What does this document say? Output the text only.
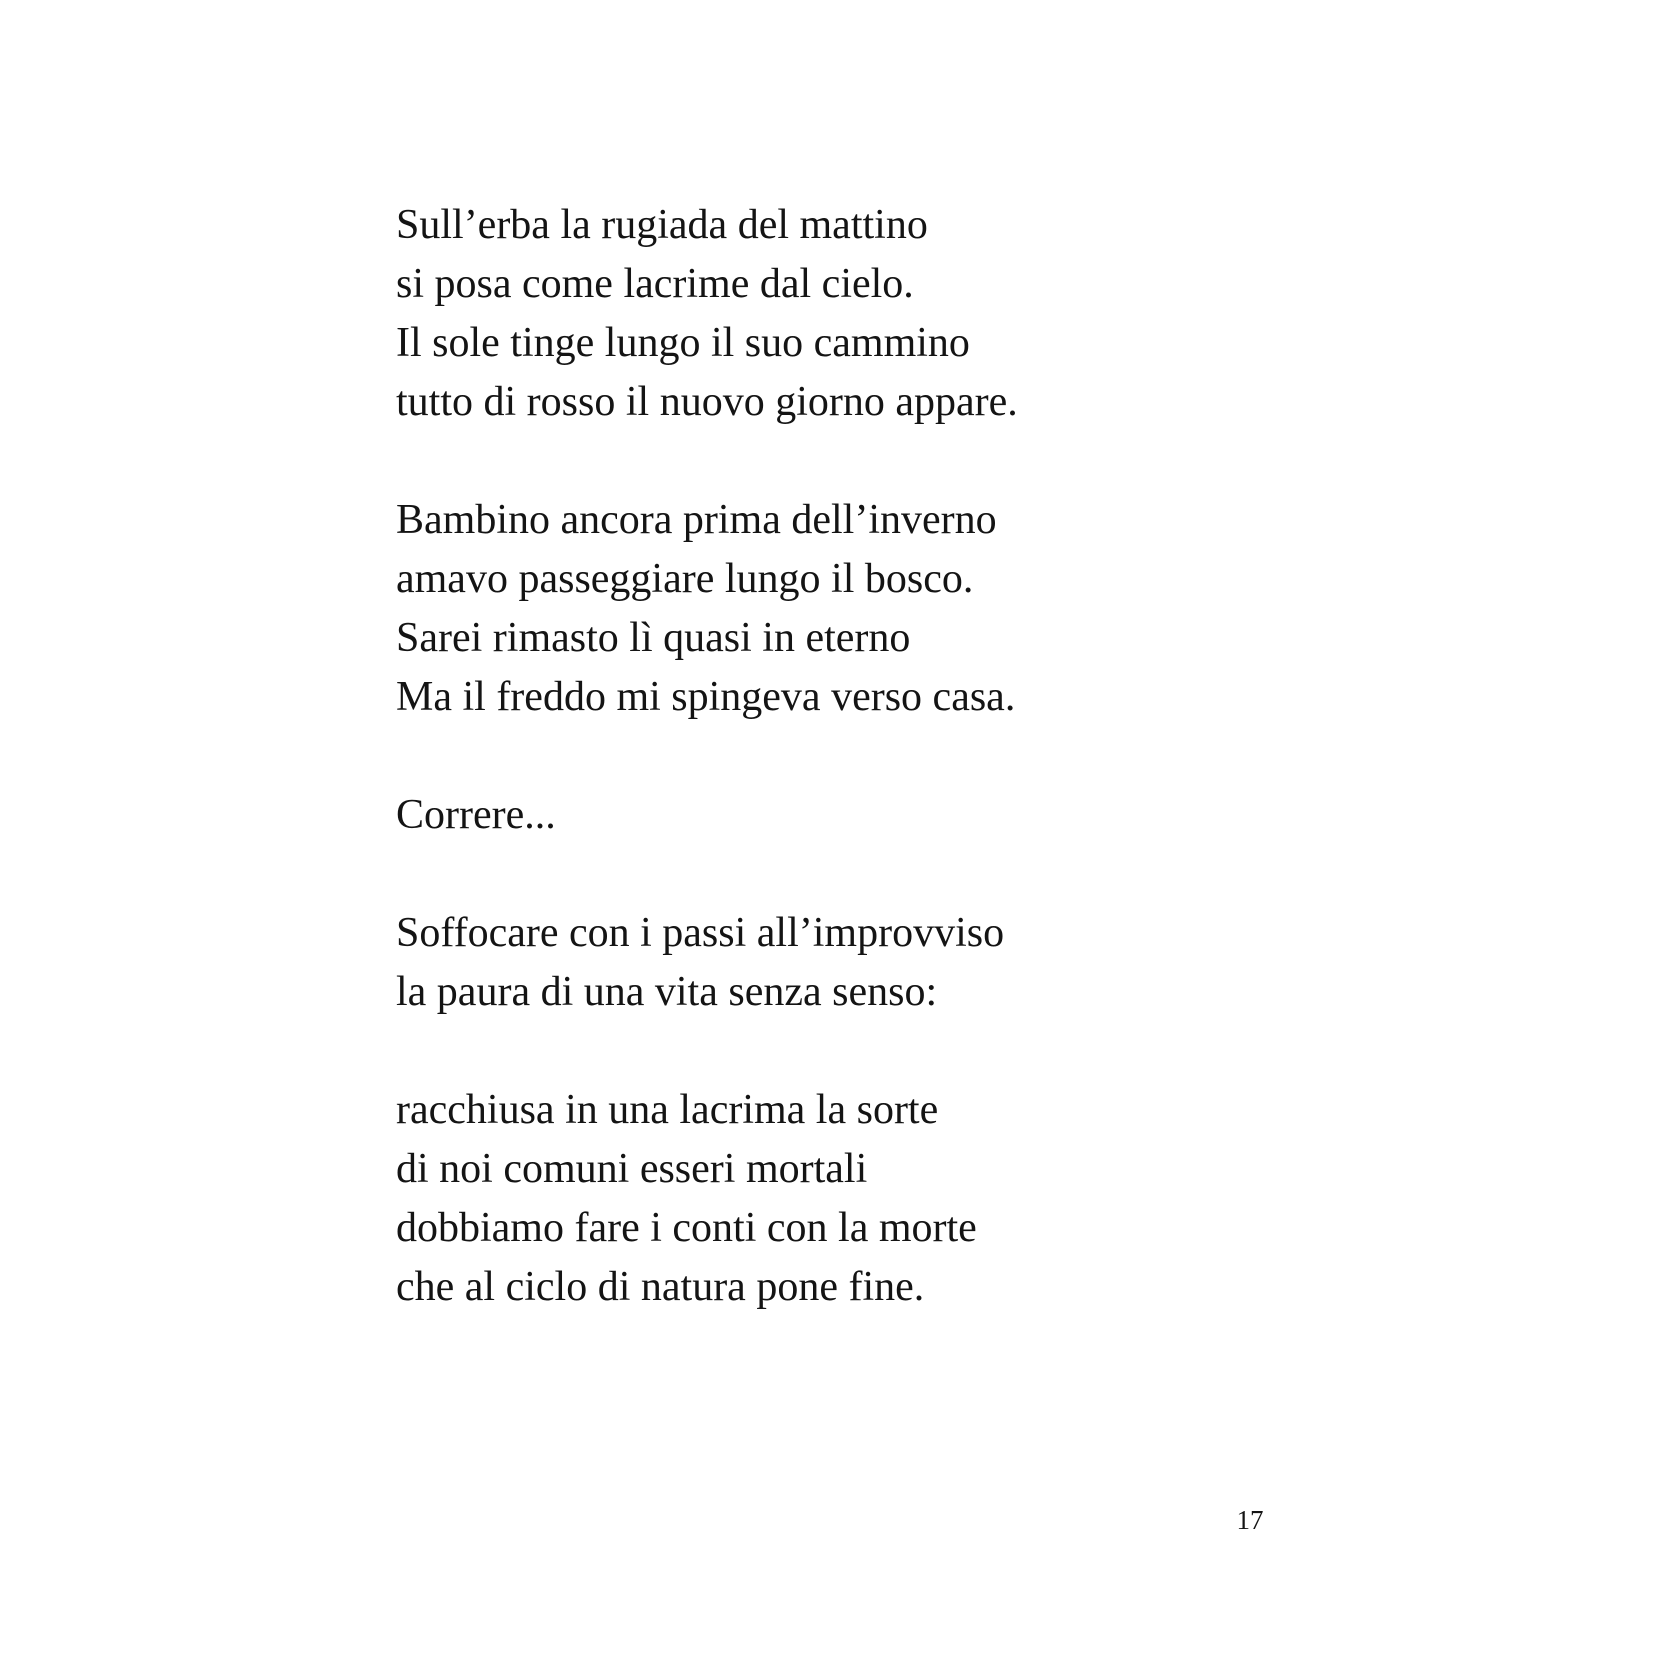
Sull’erba la rugiada del mattino
si posa come lacrime dal cielo.
Il sole tinge lungo il suo cammino
tutto di rosso il nuovo giorno appare.
Bambino ancora prima dell’inverno
amavo passeggiare lungo il bosco.
Sarei rimasto lì quasi in eterno
Ma il freddo mi spingeva verso casa.
Correre...
Soffocare con i passi all’improvviso
la paura di una vita senza senso:
racchiusa in una lacrima la sorte
di noi comuni esseri mortali
dobbiamo fare i conti con la morte
che al ciclo di natura pone fine.
17
